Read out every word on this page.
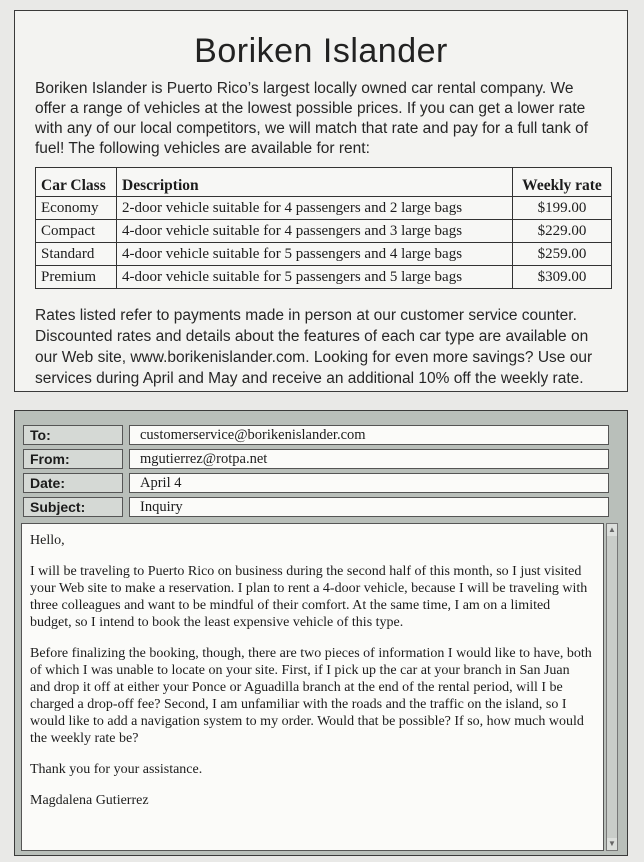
Boriken Islander

Boriken Islander is Puerto Rico’s largest locally owned car rental company. We offer a range of vehicles at the lowest possible prices. If you can get a lower rate with any of our local competitors, we will match that rate and pay for a full tank of fuel! The following vehicles are available for rent:

Car Class	Description	Weekly rate
Economy	2-door vehicle suitable for 4 passengers and 2 large bags	$199.00
Compact	4-door vehicle suitable for 4 passengers and 3 large bags	$229.00
Standard	4-door vehicle suitable for 5 passengers and 4 large bags	$259.00
Premium	4-door vehicle suitable for 5 passengers and 5 large bags	$309.00

Rates listed refer to payments made in person at our customer service counter. Discounted rates and details about the features of each car type are available on our Web site, www.borikenislander.com. Looking for even more savings? Use our services during April and May and receive an additional 10% off the weekly rate.

To:	customerservice@borikenislander.com
From:	mgutierrez@rotpa.net
Date:	April 4
Subject:	Inquiry

Hello,

I will be traveling to Puerto Rico on business during the second half of this month, so I just visited your Web site to make a reservation. I plan to rent a 4-door vehicle, because I will be traveling with three colleagues and want to be mindful of their comfort. At the same time, I am on a limited budget, so I intend to book the least expensive vehicle of this type.

Before finalizing the booking, though, there are two pieces of information I would like to have, both of which I was unable to locate on your site. First, if I pick up the car at your branch in San Juan and drop it off at either your Ponce or Aguadilla branch at the end of the rental period, will I be charged a drop-off fee? Second, I am unfamiliar with the roads and the traffic on the island, so I would like to add a navigation system to my order. Would that be possible? If so, how much would the weekly rate be?

Thank you for your assistance.

Magdalena Gutierrez

▲
▼
